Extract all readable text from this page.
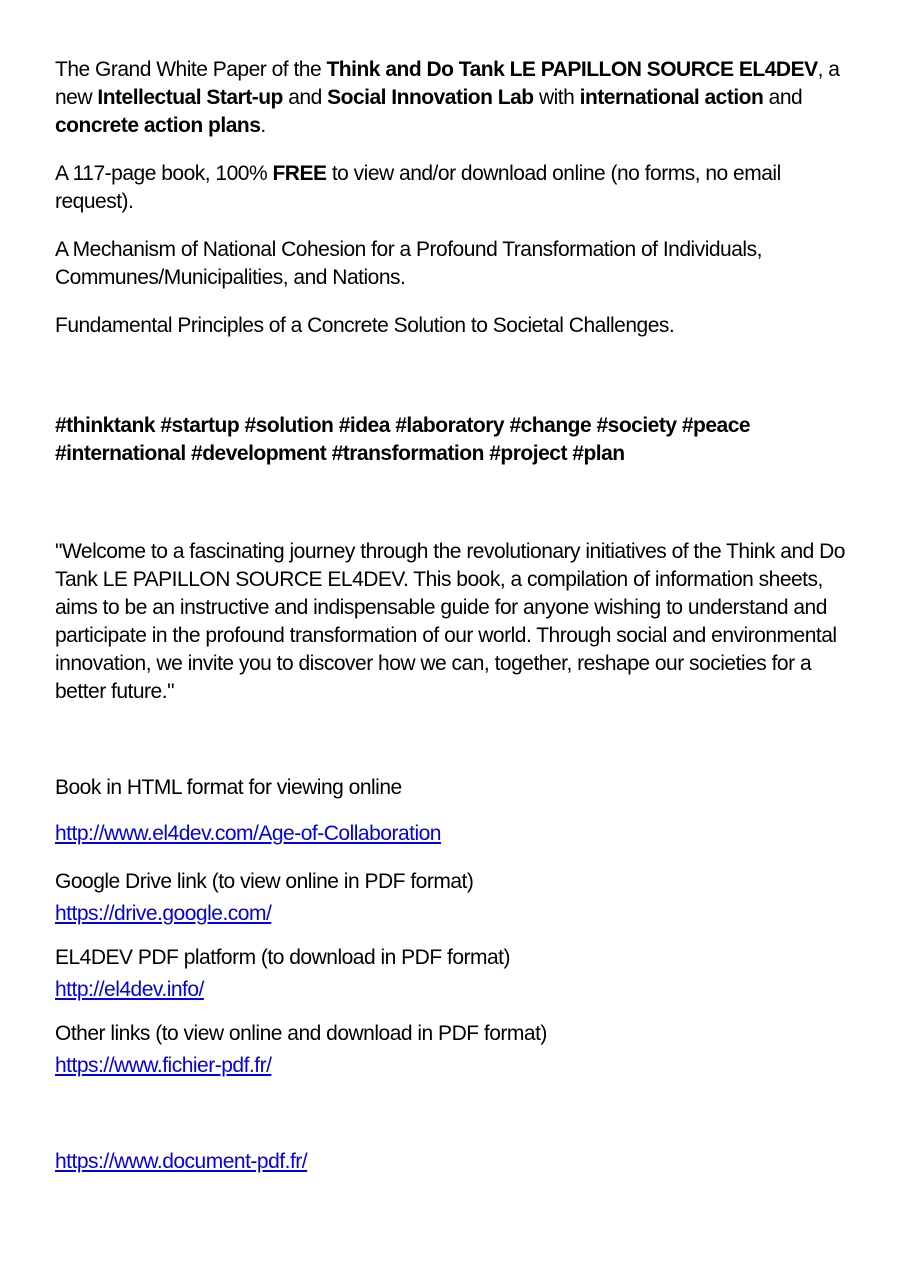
The Grand White Paper of the Think and Do Tank LE PAPILLON SOURCE EL4DEV, a new Intellectual Start-up and Social Innovation Lab with international action and concrete action plans.

A 117-page book, 100% FREE to view and/or download online (no forms, no email request).

A Mechanism of National Cohesion for a Profound Transformation of Individuals, Communes/Municipalities, and Nations.

Fundamental Principles of a Concrete Solution to Societal Challenges.

#thinktank #startup #solution #idea #laboratory #change #society #peace #international #development #transformation #project #plan

"Welcome to a fascinating journey through the revolutionary initiatives of the Think and Do Tank LE PAPILLON SOURCE EL4DEV. This book, a compilation of information sheets, aims to be an instructive and indispensable guide for anyone wishing to understand and participate in the profound transformation of our world. Through social and environmental innovation, we invite you to discover how we can, together, reshape our societies for a better future."

Book in HTML format for viewing online

http://www.el4dev.com/Age-of-Collaboration

Google Drive link (to view online in PDF format)

https://drive.google.com/

EL4DEV PDF platform (to download in PDF format)

http://el4dev.info/

Other links (to view online and download in PDF format)

https://www.fichier-pdf.fr/

https://www.document-pdf.fr/
